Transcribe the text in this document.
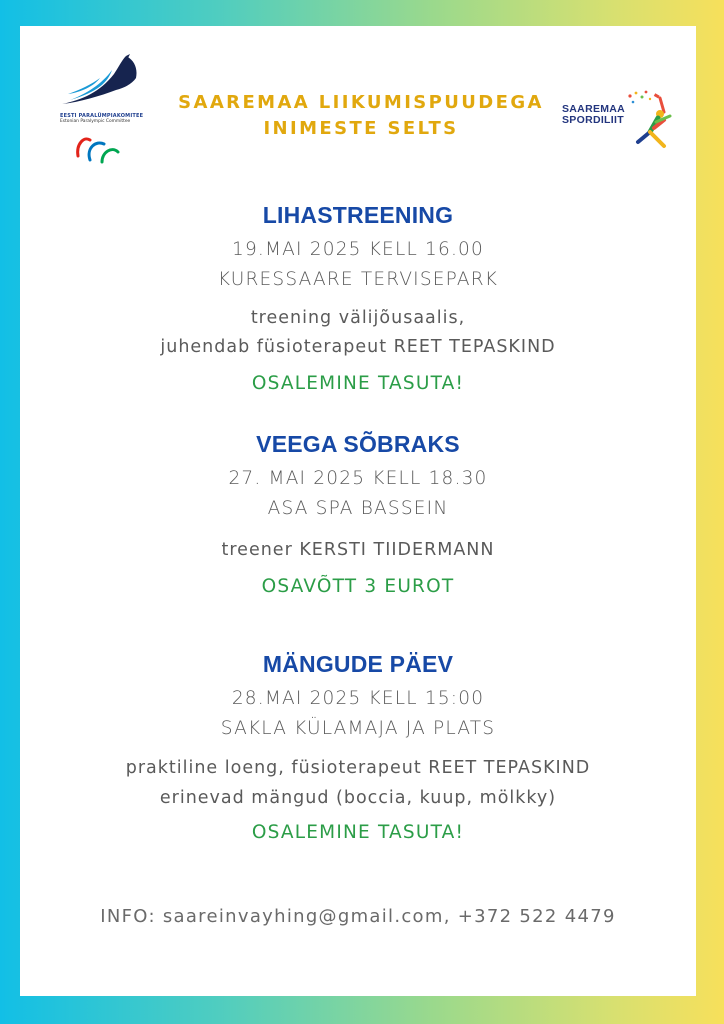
EESTI PARALÜMPIAKOMITEE
Estonian Paralympic Committee
SAAREMAA LIIKUMISPUUDEGA
INIMESTE SELTS
SAAREMAA
SPORDILIIT
LIHASTREENING
19.MAI 2025 KELL 16.00
KURESSAARE TERVISEPARK
treening välijõusaalis,
juhendab füsioterapeut REET TEPASKIND
OSALEMINE TASUTA!
VEEGA SÕBRAKS
27. MAI 2025 KELL 18.30
ASA SPA BASSEIN
treener KERSTI TIIDERMANN
OSAVÕTT 3 EUROT
MÄNGUDE PÄEV
28.MAI 2025 KELL 15:00
SAKLA KÜLAMAJA JA PLATS
praktiline loeng, füsioterapeut REET TEPASKIND
erinevad mängud (boccia, kuup, mölkky)
OSALEMINE TASUTA!
INFO: saareinvayhing@gmail.com, +372 522 4479
